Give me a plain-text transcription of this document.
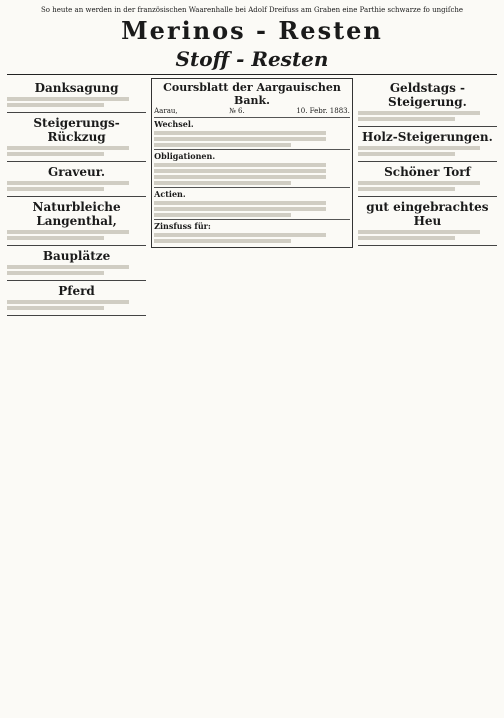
So heute an werden in der französischen Waarenhalle bei Adolf Dreifuss am Graben eine Parthie schwarze fo ungiſche
Merinos - Resten
Stoff - Resten
Danksagung
Steigerungs-Rückzug
Graveur.
Naturbleiche Langenthal,
Bauplätze
Pferd
Coursblatt der Aargauischen Bank.
Aarau,	№ 6.	10. Febr. 1883.
Wechsel.
Obligationen.
Actien.
Zinsfuss für:
Geldstags - Steigerung.
Holz-Steigerungen.
Schöner Torf
gut eingebrachtes Heu
